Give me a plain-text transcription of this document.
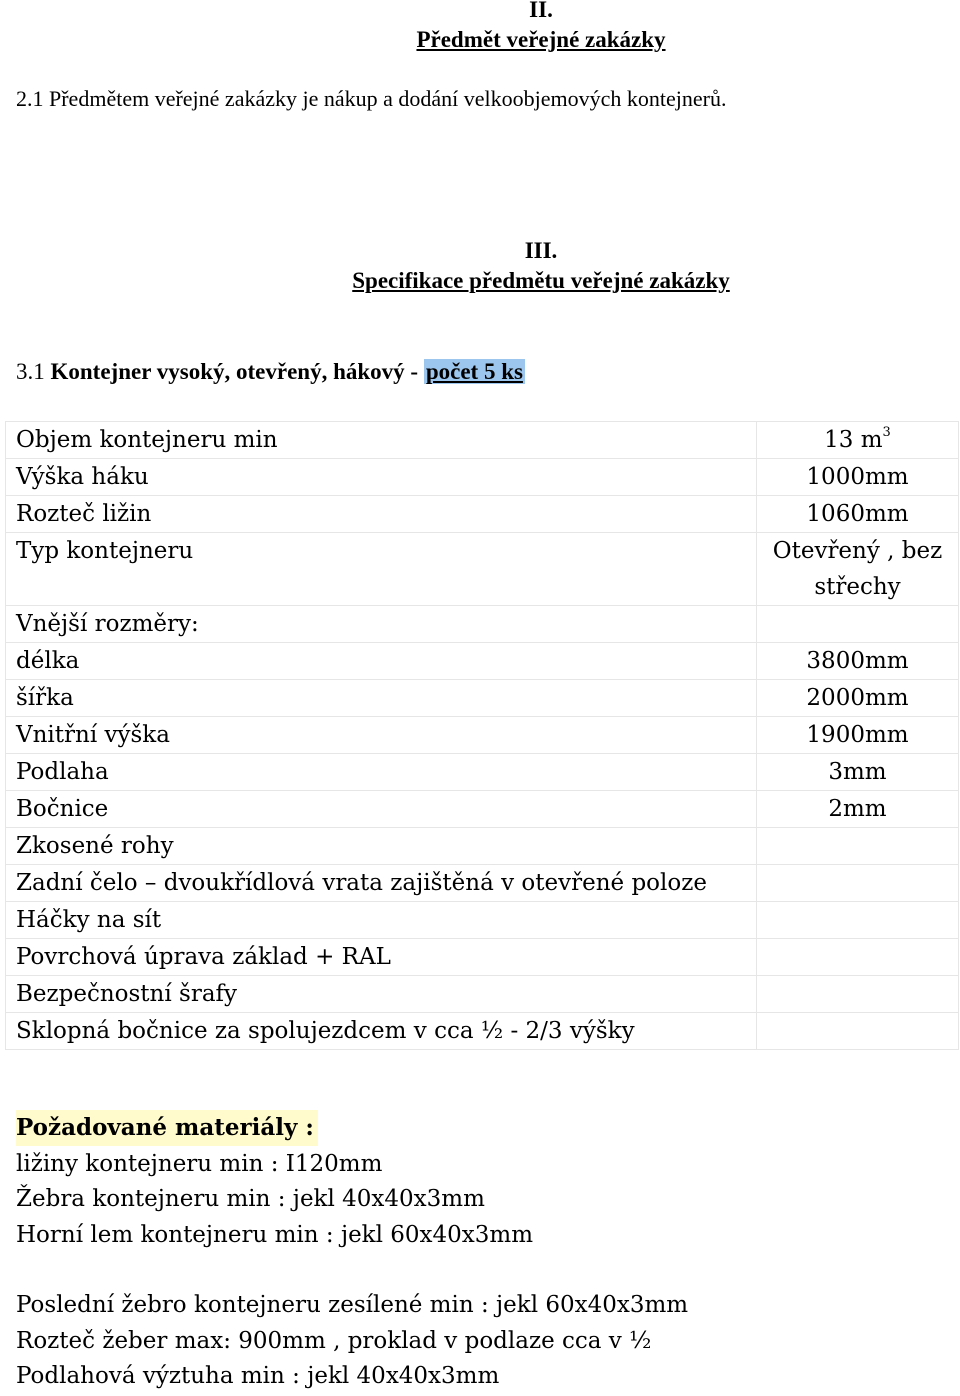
II.
Předmět veřejné zakázky
2.1 Předmětem veřejné zakázky je nákup a dodání velkoobjemových kontejnerů.
III.
Specifikace předmětu veřejné zakázky
3.1 Kontejner vysoký, otevřený, hákový - počet 5 ks
Objem kontejneru min	13 $m^3$
Výška háku	1000mm
Rozteč ližin	1060mm
Typ kontejneru	Otevřený , bez střechy
Vnější rozměry:	
délka	3800mm
šířka	2000mm
Vnitřní výška	1900mm
Podlaha	3mm
Bočnice	2mm
Zkosené rohy	
Zadní čelo – dvoukřídlová vrata zajištěná v otevřené poloze	
Háčky na sít	
Povrchová úprava základ + RAL	
Bezpečnostní šrafy	
Sklopná bočnice za spolujezdcem v cca ½ - 2/3 výšky	
Požadované materiály :
ližiny kontejneru min : I120mm
Žebra kontejneru min : jekl 40x40x3mm
Horní lem kontejneru min : jekl 60x40x3mm
Poslední žebro kontejneru zesílené min : jekl 60x40x3mm
Rozteč žeber max: 900mm , proklad v podlaze cca v ½
Podlahová výztuha min : jekl 40x40x3mm
